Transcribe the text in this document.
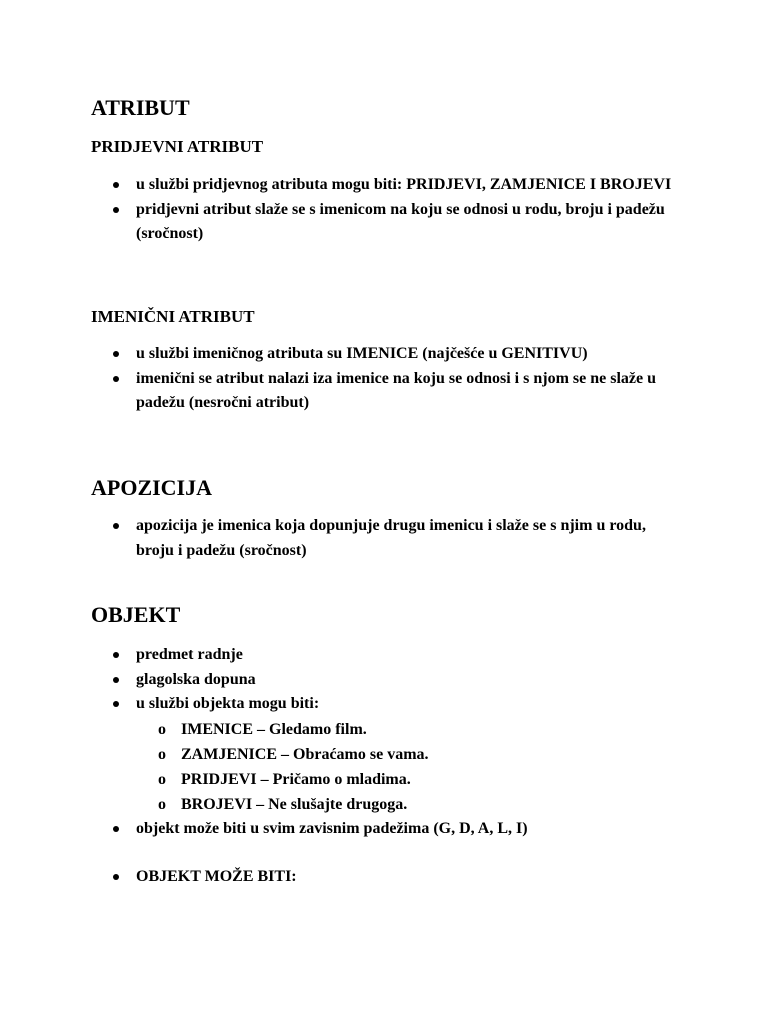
ATRIBUT
PRIDJEVNI ATRIBUT
u službi pridjevnog atributa mogu biti: PRIDJEVI, ZAMJENICE I BROJEVI
pridjevni atribut slaže se s imenicom na koju se odnosi u rodu, broju i padežu (sročnost)
IMENIČNI ATRIBUT
u službi imeničnog atributa su IMENICE (najčešće u GENITIVU)
imenični se atribut nalazi iza imenice na koju se odnosi i s njom se ne slaže u padežu (nesročni atribut)
APOZICIJA
apozicija je imenica koja dopunjuje drugu imenicu i slaže se s njim u rodu, broju i padežu (sročnost)
OBJEKT
predmet radnje
glagolska dopuna
u službi objekta mogu biti:
o IMENICE – Gledamo film.
o ZAMJENICE – Obraćamo se vama.
o PRIDJEVI – Pričamo o mladima.
o BROJEVI – Ne slušajte drugoga.
objekt može biti u svim zavisnim padežima (G, D, A, L, I)
OBJEKT MOŽE BITI:
